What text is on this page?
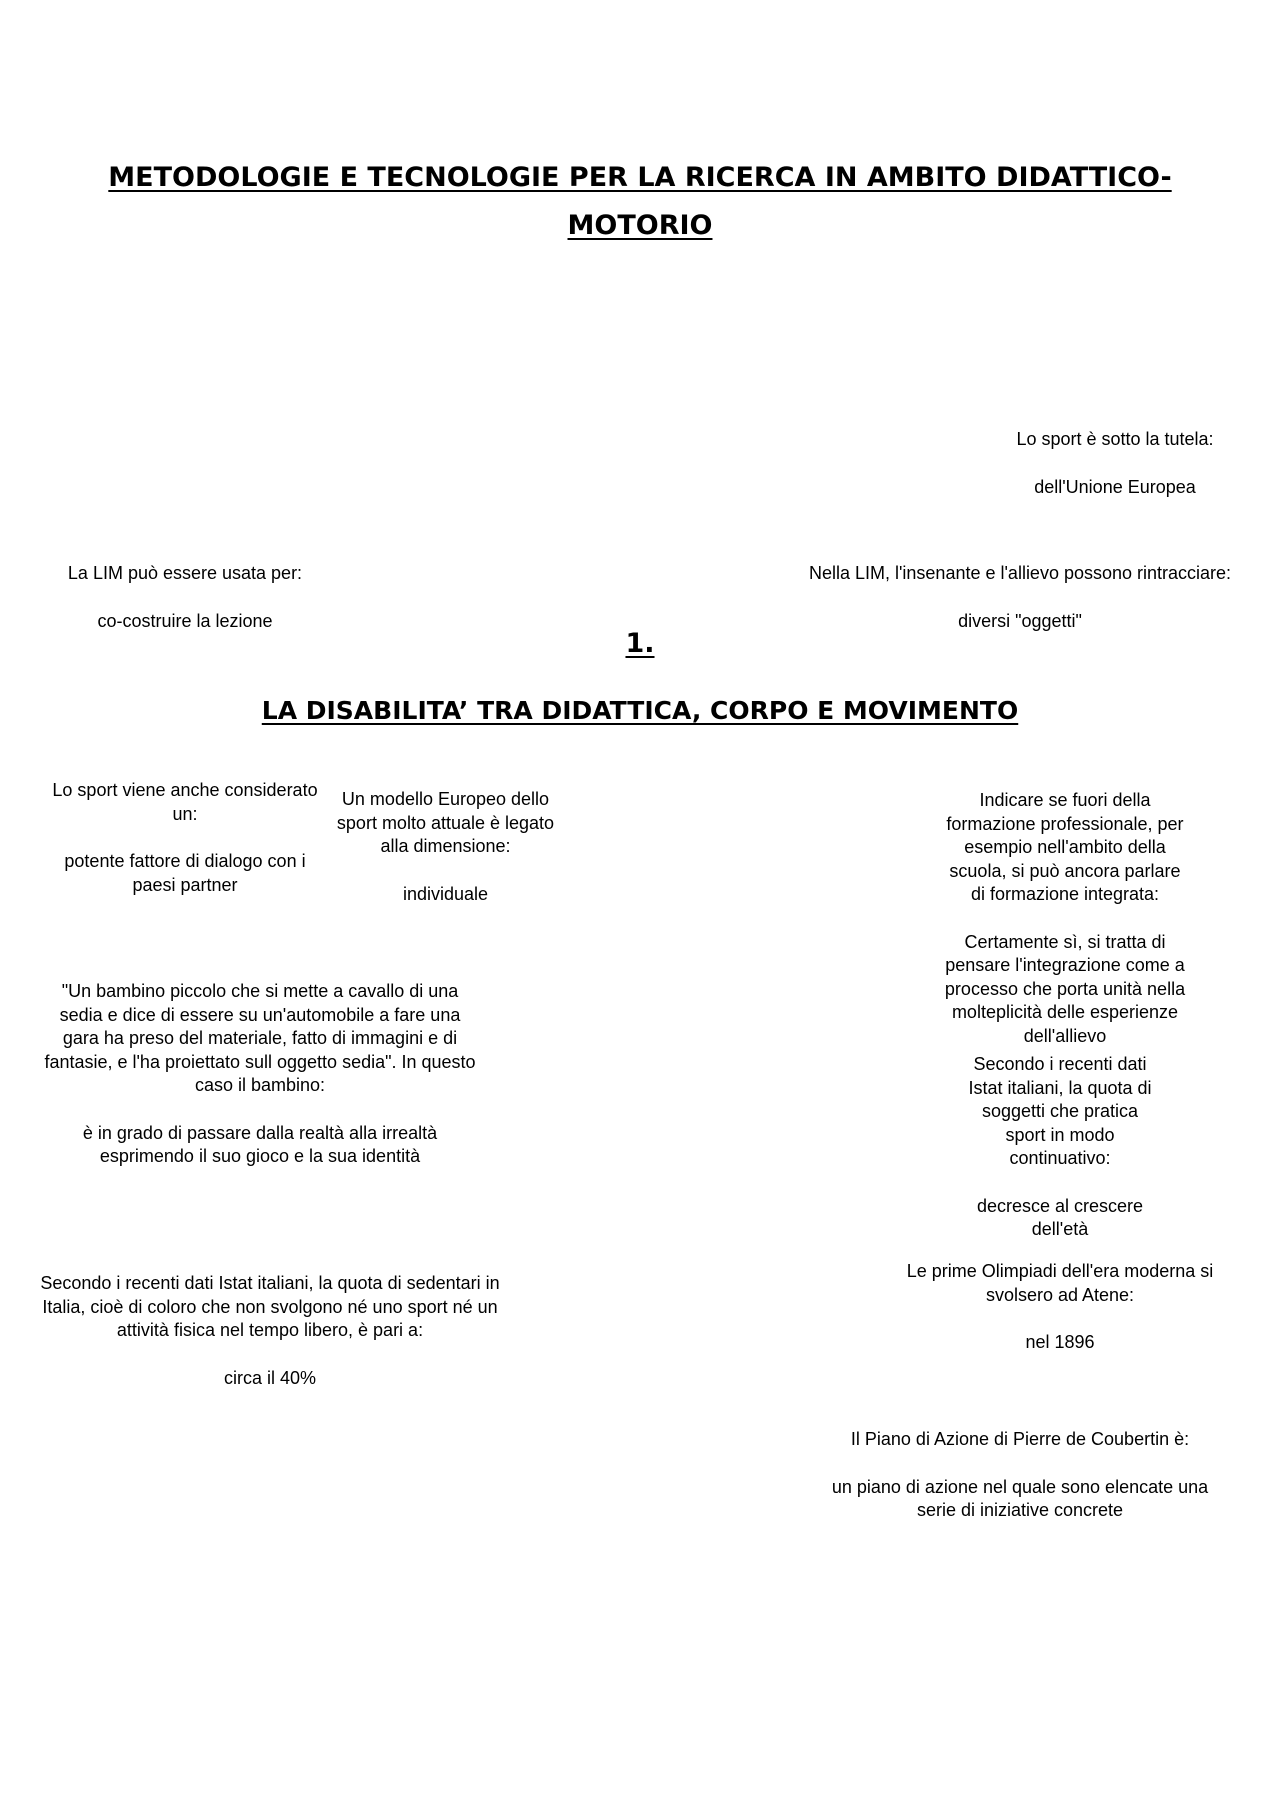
METODOLOGIE E TECNOLOGIE PER LA RICERCA IN AMBITO DIDATTICO-MOTORIO

Lo sport è sotto la tutela:

dell'Unione Europea

La LIM può essere usata per:

co-costruire la lezione

Nella LIM, l'insenante e l'allievo possono rintracciare:

diversi "oggetti"

1.
LA DISABILITA’ TRA DIDATTICA, CORPO E MOVIMENTO

Lo sport viene anche considerato un:

potente fattore di dialogo con i paesi partner

Un modello Europeo dello sport molto attuale è legato alla dimensione:

individuale

Indicare se fuori della formazione professionale, per esempio nell'ambito della scuola, si può ancora parlare di formazione integrata:

Certamente sì, si tratta di pensare l'integrazione come a processo che porta unità nella molteplicità delle esperienze dell'allievo

"Un bambino piccolo che si mette a cavallo di una sedia e dice di essere su un'automobile a fare una gara ha preso del materiale, fatto di immagini e di fantasie, e l'ha proiettato sull oggetto sedia". In questo caso il bambino:

è in grado di passare dalla realtà alla irrealtà esprimendo il suo gioco e la sua identità

Secondo i recenti dati Istat italiani, la quota di soggetti che pratica sport in modo continuativo:

decresce al crescere dell'età

Secondo i recenti dati Istat italiani, la quota di sedentari in Italia, cioè di coloro che non svolgono né uno sport né un attività fisica nel tempo libero, è pari a:

circa il 40%

Le prime Olimpiadi dell'era moderna si svolsero ad Atene:

nel 1896

Il Piano di Azione di Pierre de Coubertin è:

un piano di azione nel quale sono elencate una serie di iniziative concrete
